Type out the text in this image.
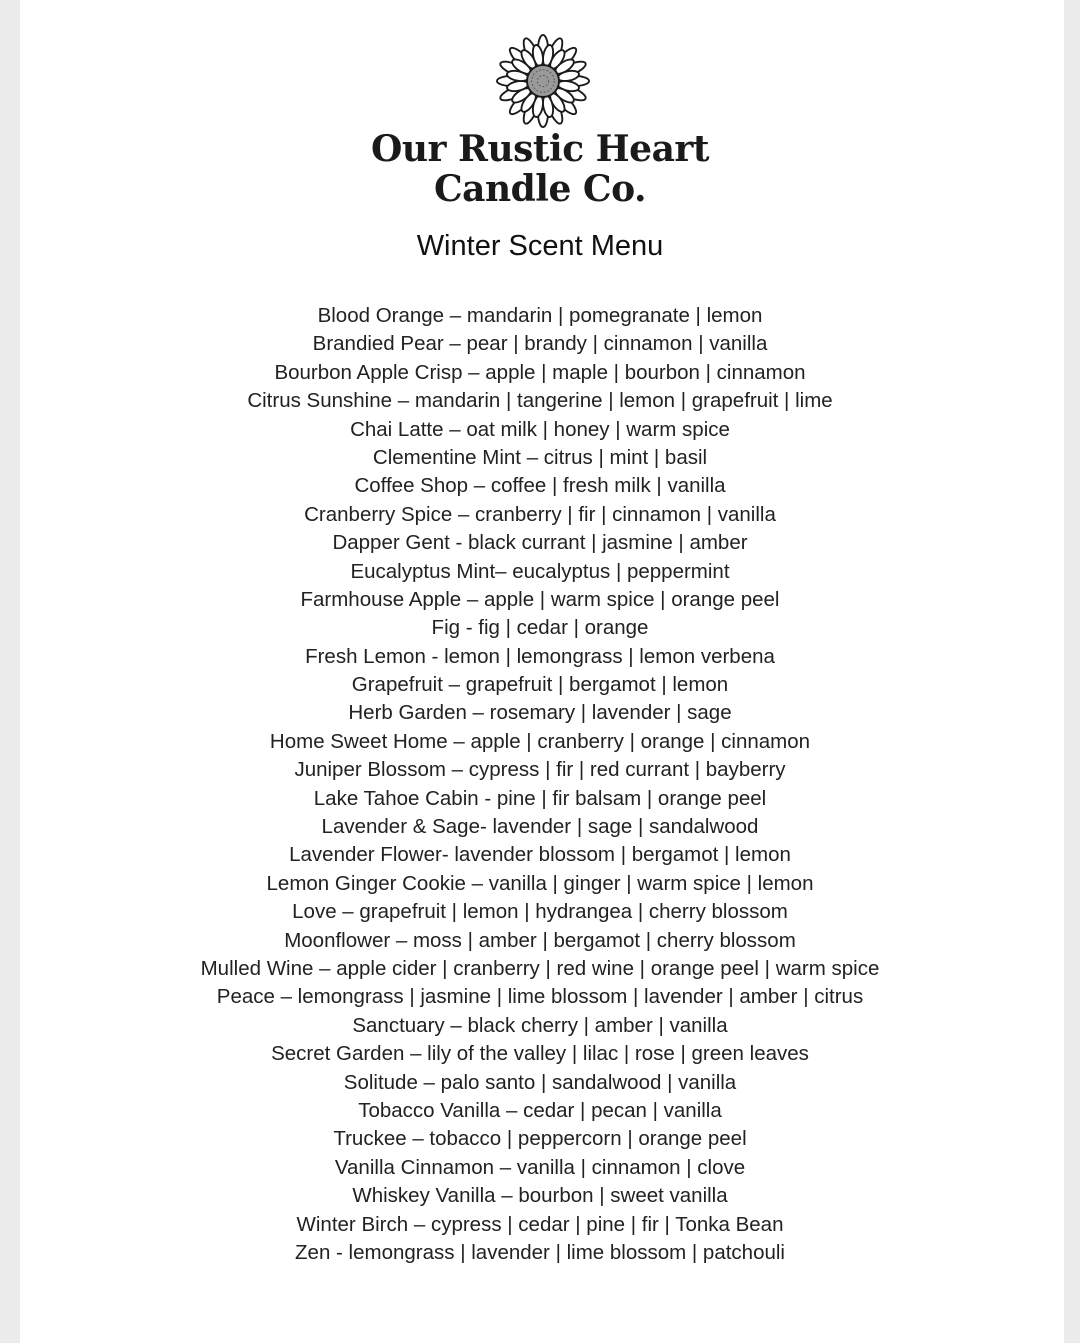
Our Rustic Heart
Candle Co.
Winter Scent Menu
Blood Orange – mandarin | pomegranate | lemon
Brandied Pear – pear | brandy | cinnamon | vanilla
Bourbon Apple Crisp – apple | maple | bourbon | cinnamon
Citrus Sunshine – mandarin | tangerine | lemon | grapefruit | lime
Chai Latte – oat milk | honey | warm spice
Clementine Mint – citrus | mint | basil
Coffee Shop – coffee | fresh milk | vanilla
Cranberry Spice – cranberry | fir | cinnamon | vanilla
Dapper Gent - black currant | jasmine | amber
Eucalyptus Mint– eucalyptus | peppermint
Farmhouse Apple – apple | warm spice | orange peel
Fig - fig | cedar | orange
Fresh Lemon - lemon | lemongrass | lemon verbena
Grapefruit – grapefruit | bergamot | lemon
Herb Garden – rosemary | lavender | sage
Home Sweet Home – apple | cranberry | orange | cinnamon
Juniper Blossom – cypress | fir | red currant | bayberry
Lake Tahoe Cabin - pine | fir balsam | orange peel
Lavender & Sage- lavender | sage | sandalwood
Lavender Flower- lavender blossom | bergamot | lemon
Lemon Ginger Cookie – vanilla | ginger | warm spice | lemon
Love – grapefruit | lemon | hydrangea | cherry blossom
Moonflower – moss | amber | bergamot | cherry blossom
Mulled Wine – apple cider | cranberry | red wine | orange peel | warm spice
Peace – lemongrass | jasmine | lime blossom | lavender | amber | citrus
Sanctuary – black cherry | amber | vanilla
Secret Garden – lily of the valley | lilac | rose | green leaves
Solitude – palo santo | sandalwood | vanilla
Tobacco Vanilla – cedar | pecan | vanilla
Truckee – tobacco | peppercorn | orange peel
Vanilla Cinnamon – vanilla | cinnamon | clove
Whiskey Vanilla – bourbon | sweet vanilla
Winter Birch – cypress | cedar | pine | fir | Tonka Bean
Zen - lemongrass | lavender | lime blossom | patchouli
